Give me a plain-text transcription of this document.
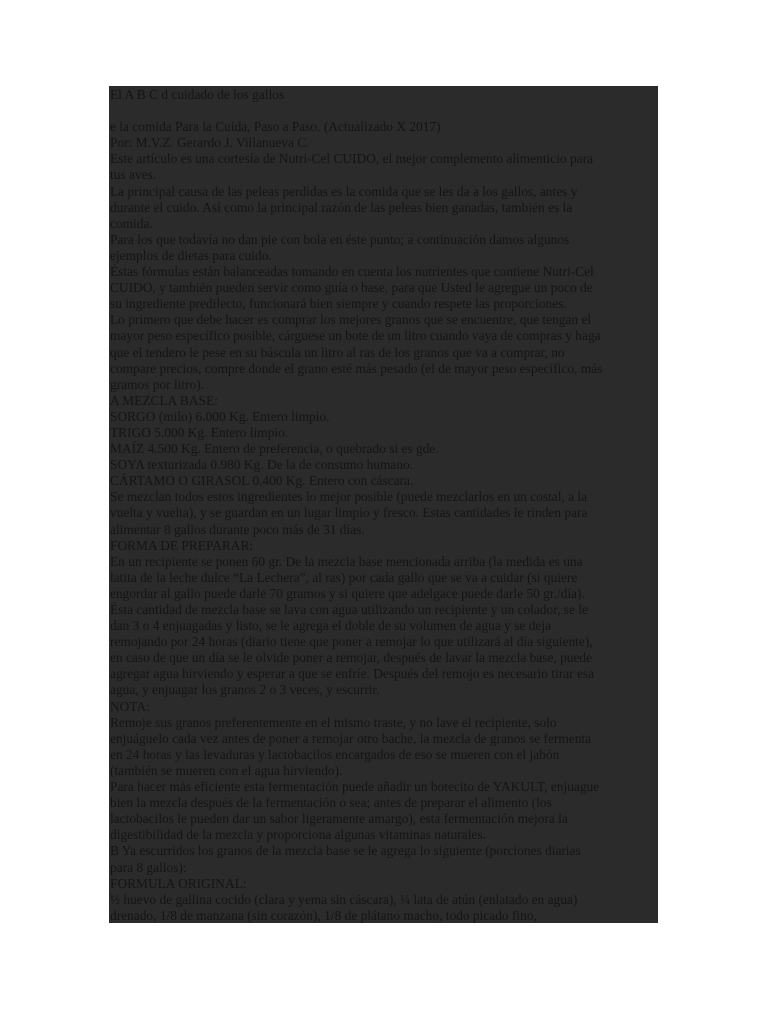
El A B C d cuidado de los gallos
e la comida Para la Cuida, Paso a Paso. (Actualizado X 2017)
Por: M.V.Z. Gerardo J. Villanueva C.
Este artículo es una cortesía de Nutri-Cel CUIDO, el mejor complemento alimenticio para
tus aves.
La principal causa de las peleas perdidas es la comida que se les da a los gallos, antes y
durante el cuido. Así como la principal razón de las peleas bien ganadas, también es la
comida.
Para los que todavía no dan pie con bola en éste punto; a continuación damos algunos
ejemplos de dietas para cuido.
Éstas fórmulas están balanceadas tomando en cuenta los nutrientes que contiene Nutri-Cel
CUIDO, y también pueden servir como guía o base, para que Usted le agregue un poco de
su ingrediente predilecto, funcionará bien siempre y cuando respete las proporciones.
Lo primero que debe hacer es comprar los mejores granos que se encuentre, que tengan el
mayor peso específico posible, cárguese un bote de un litro cuando vaya de compras y haga
que el tendero le pese en su báscula un litro al ras de los granos que va a comprar, no
compare precios, compre donde el grano esté más pesado (el de mayor peso específico, más
gramos por litro).
A MEZCLA BASE:
SORGO (milo) 6.000 Kg. Entero limpio.
TRIGO 5.000 Kg. Entero limpio.
MAÍZ 4.500 Kg. Entero de preferencia, o quebrado si es gde.
SOYA texturizada 0.980 Kg. De la de consumo humano.
CÁRTAMO O GIRASOL 0.400 Kg. Entero con cáscara.
Se mezclan todos estos ingredientes lo mejor posible (puede mezclarlos en un costal, a la
vuelta y vuelta), y se guardan en un lugar limpio y fresco. Estas cantidades le rinden para
alimentar 8 gallos durante poco más de 31 días.
FORMA DE PREPARAR:
En un recipiente se ponen 60 gr. De la mezcla base mencionada arriba (la medida es una
latita de la leche dulce “La Lechera”, al ras) por cada gallo que se va a cuidar (si quiere
engordar al gallo puede darle 70 gramos y si quiere que adelgace puede darle 50 gr./día).
Ésta cantidad de mezcla base se lava con agua utilizando un recipiente y un colador, se le
dan 3 o 4 enjuagadas y listo, se le agrega el doble de su volumen de agua y se deja
remojando por 24 horas (diario tiene que poner a remojar lo que utilizará al día siguiente),
en caso de que un día se le olvide poner a remojar, después de lavar la mezcla base, puede
agregar agua hirviendo y esperar a que se enfríe. Después del remojo es necesario tirar esa
agua, y enjuagar los granos 2 o 3 veces, y escurrir.
NOTA:
Remoje sus granos preferentemente en el mismo traste, y no lave el recipiente, solo
enjuáguelo cada vez antes de poner a remojar otro bache, la mezcla de granos se fermenta
en 24 horas y las levaduras y lactobacilos encargados de eso se mueren con el jabón
(también se mueren con el agua hirviendo).
Para hacer más eficiente esta fermentación puede añadir un botecito de YAKULT, enjuague
bien la mezcla después de la fermentación o sea; antes de preparar el alimento (los
lactobacilos le pueden dar un sabor ligeramente amargo), esta fermentación mejora la
digestibilidad de la mezcla y proporciona algunas vitaminas naturales.
B Ya escurridos los granos de la mezcla base se le agrega lo siguiente (porciones diarias
para 8 gallos):
FORMULA ORIGINAL:
½ huevo de gallina cocido (clara y yema sin cáscara), ¼ lata de atún (enlatado en agua)
drenado, 1/8 de manzana (sin corazón), 1/8 de plátano macho, todo picado fino,
